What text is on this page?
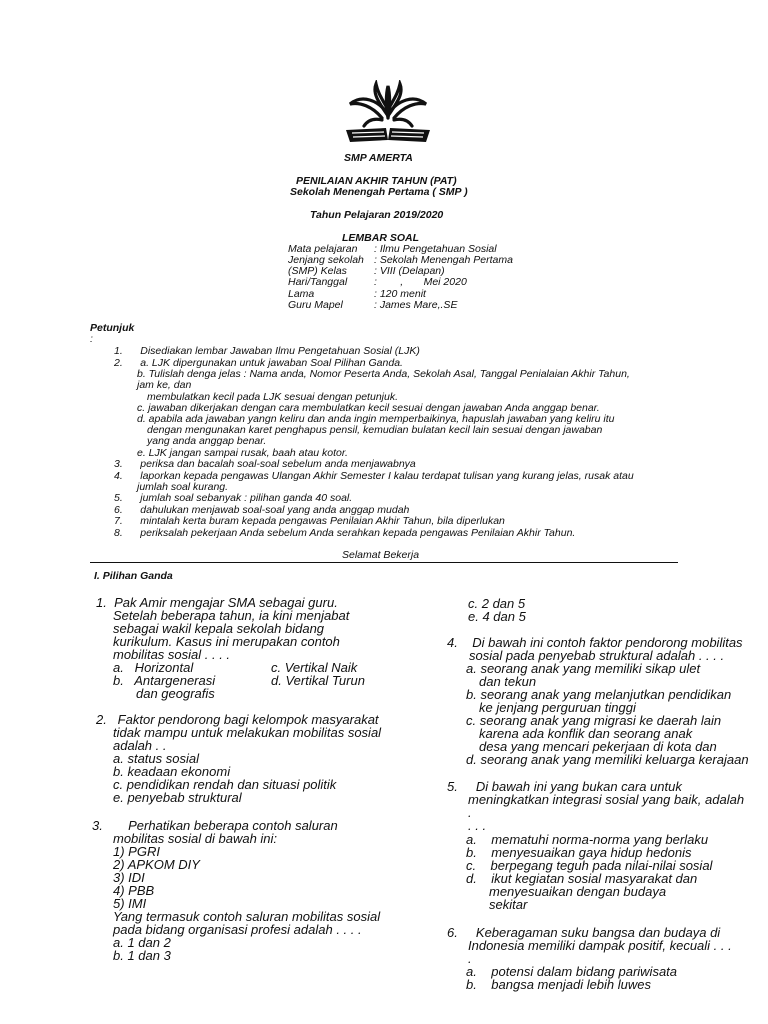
SMP AMERTA
PENILAIAN AKHIR TAHUN (PAT)
Sekolah Menengah Pertama ( SMP )
Tahun Pelajaran 2019/2020
LEMBAR SOAL
Mata pelajaran : Ilmu Pengetahuan Sosial
Jenjang sekolah : Sekolah Menengah Pertama
(SMP) Kelas	: VIII (Delapan)
Hari/Tanggal	:        ,       Mei 2020
Lama	: 120 menit
Guru Mapel	: James Mare,.SE
Petunjuk
:
1.      Disediakan lembar Jawaban Ilmu Pengetahuan Sosial (LJK)
2.      a. LJK dipergunakan untuk jawaban Soal Pilihan Ganda.
b. Tulislah denga jelas : Nama anda, Nomor Peserta Anda, Sekolah Asal, Tanggal Penialaian Akhir Tahun,
jam ke, dan
membulatkan kecil pada LJK sesuai dengan petunjuk.
c. jawaban dikerjakan dengan cara membulatkan kecil sesuai dengan jawaban Anda anggap benar.
d. apabila ada jawaban yangn keliru dan anda ingin memperbaikinya, hapuslah jawaban yang keliru itu
dengan mengunakan karet penghapus pensil, kemudian bulatan kecil lain sesuai dengan jawaban
yang anda anggap benar.
e. LJK jangan sampai rusak, baah atau kotor.
3.      periksa dan bacalah soal-soal sebelum anda menjawabnya
4.      laporkan kepada pengawas Ulangan Akhir Semester I kalau terdapat tulisan yang kurang jelas, rusak atau
jumlah soal kurang.
5.      jumlah soal sebanyak : pilihan ganda 40 soal.
6.      dahulukan menjawab soal-soal yang anda anggap mudah
7.      mintalah kerta buram kepada pengawas Penilaian Akhir Tahun, bila diperlukan
8.      periksalah pekerjaan Anda sebelum Anda serahkan kepada pengawas Penilaian Akhir Tahun.
Selamat Bekerja
I. Pilihan Ganda
1.  Pak Amir mengajar SMA sebagai guru.
Setelah beberapa tahun, ia kini menjabat
sebagai wakil kepala sekolah bidang
kurikulum. Kasus ini merupakan contoh
mobilitas sosial . . . .
a.   Horizontal	c. Vertikal Naik
b.   Antargenerasi	d. Vertikal Turun
dan geografis
2.   Faktor pendorong bagi kelompok masyarakat
tidak mampu untuk melakukan mobilitas sosial
adalah . .
a. status sosial
b. keadaan ekonomi
c. pendidikan rendah dan situasi politik
e. penyebab struktural
3.       Perhatikan beberapa contoh saluran
mobilitas sosial di bawah ini:
1) PGRI
2) APKOM DIY
3) IDI
4) PBB
5) IMI
Yang termasuk contoh saluran mobilitas sosial
pada bidang organisasi profesi adalah . . . .
a. 1 dan 2
b. 1 dan 3
c. 2 dan 5
e. 4 dan 5
4.    Di bawah ini contoh faktor pendorong mobilitas
sosial pada penyebab struktural adalah . . . .
a. seorang anak yang memiliki sikap ulet
dan tekun
b. seorang anak yang melanjutkan pendidikan
ke jenjang perguruan tinggi
c. seorang anak yang migrasi ke daerah lain
karena ada konflik dan seorang anak
desa yang mencari pekerjaan di kota dan
d. seorang anak yang memiliki keluarga kerajaan
5.     Di bawah ini yang bukan cara untuk
meningkatkan integrasi sosial yang baik, adalah
.
. . .
a.    mematuhi norma-norma yang berlaku
b.    menyesuaikan gaya hidup hedonis
c.    berpegang teguh pada nilai-nilai sosial
d.    ikut kegiatan sosial masyarakat dan
menyesuaikan dengan budaya
sekitar
6.     Keberagaman suku bangsa dan budaya di
Indonesia memiliki dampak positif, kecuali . . .
.
a.    potensi dalam bidang pariwisata
b.    bangsa menjadi lebih luwes
